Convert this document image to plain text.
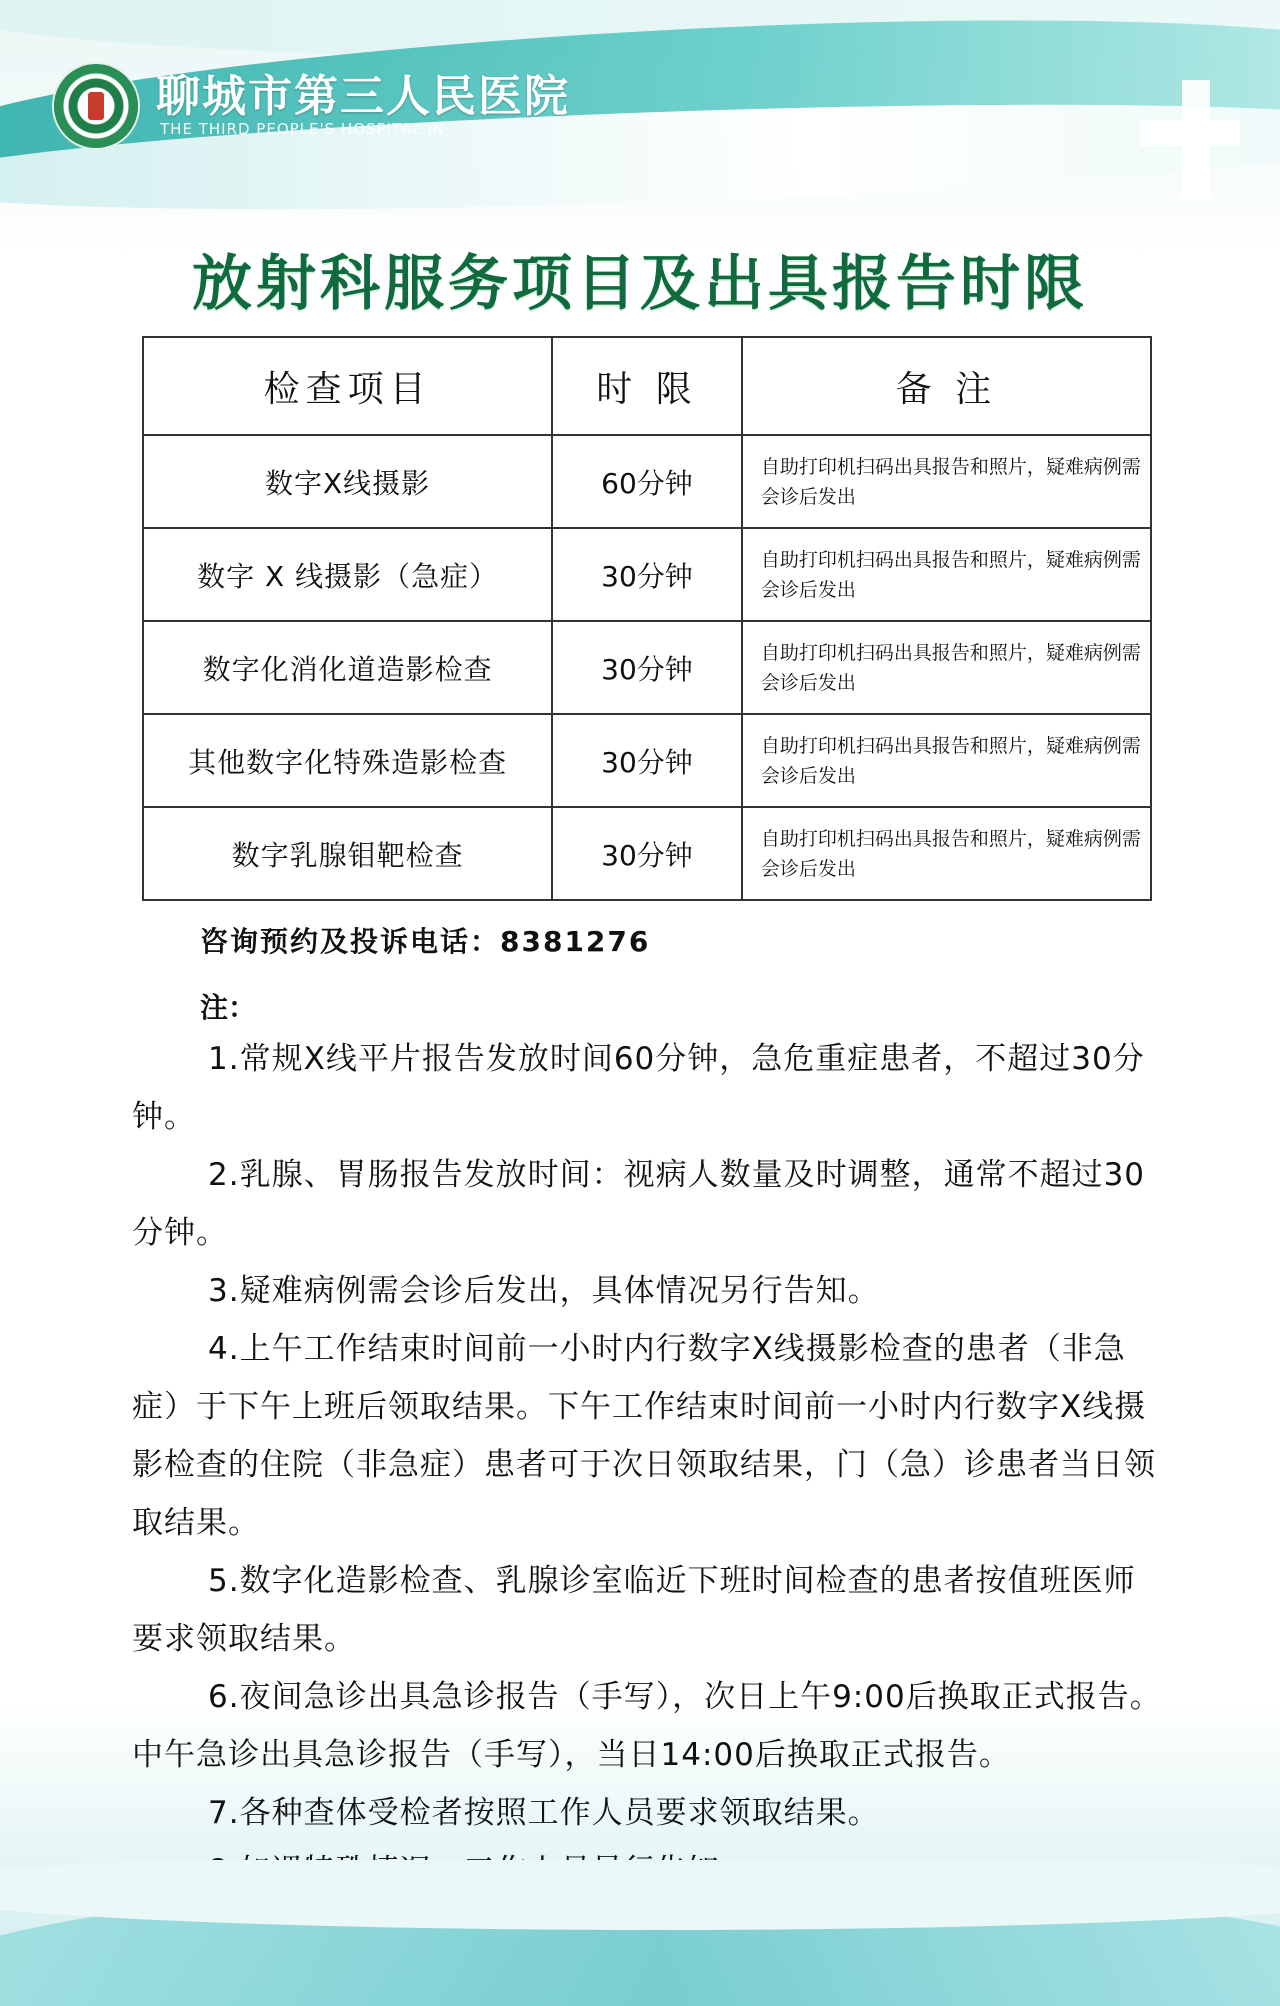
聊城市第三人民医院
THE THIRD PEOPLE'S HOSPITAL IN
放射科服务项目及出具报告时限
检查项目	时 限	备 注
数字X线摄影	60分钟	自助打印机扫码出具报告和照片，疑难病例需会诊后发出
数字 X 线摄影（急症）	30分钟	自助打印机扫码出具报告和照片，疑难病例需会诊后发出
数字化消化道造影检查	30分钟	自助打印机扫码出具报告和照片，疑难病例需会诊后发出
其他数字化特殊造影检查	30分钟	自助打印机扫码出具报告和照片，疑难病例需会诊后发出
数字乳腺钼靶检查	30分钟	自助打印机扫码出具报告和照片，疑难病例需会诊后发出
咨询预约及投诉电话：8381276
注：

1.常规X线平片报告发放时间60分钟，急危重症患者，不超过30分钟。

2.乳腺、胃肠报告发放时间：视病人数量及时调整，通常不超过30分钟。

3.疑难病例需会诊后发出，具体情况另行告知。

4.上午工作结束时间前一小时内行数字X线摄影检查的患者（非急症）于下午上班后领取结果。下午工作结束时间前一小时内行数字X线摄影检查的住院（非急症）患者可于次日领取结果，门（急）诊患者当日领取结果。

5.数字化造影检查、乳腺诊室临近下班时间检查的患者按值班医师要求领取结果。

6.夜间急诊出具急诊报告（手写），次日上午9:00后换取正式报告。中午急诊出具急诊报告（手写），当日14:00后换取正式报告。

7.各种查体受检者按照工作人员要求领取结果。
